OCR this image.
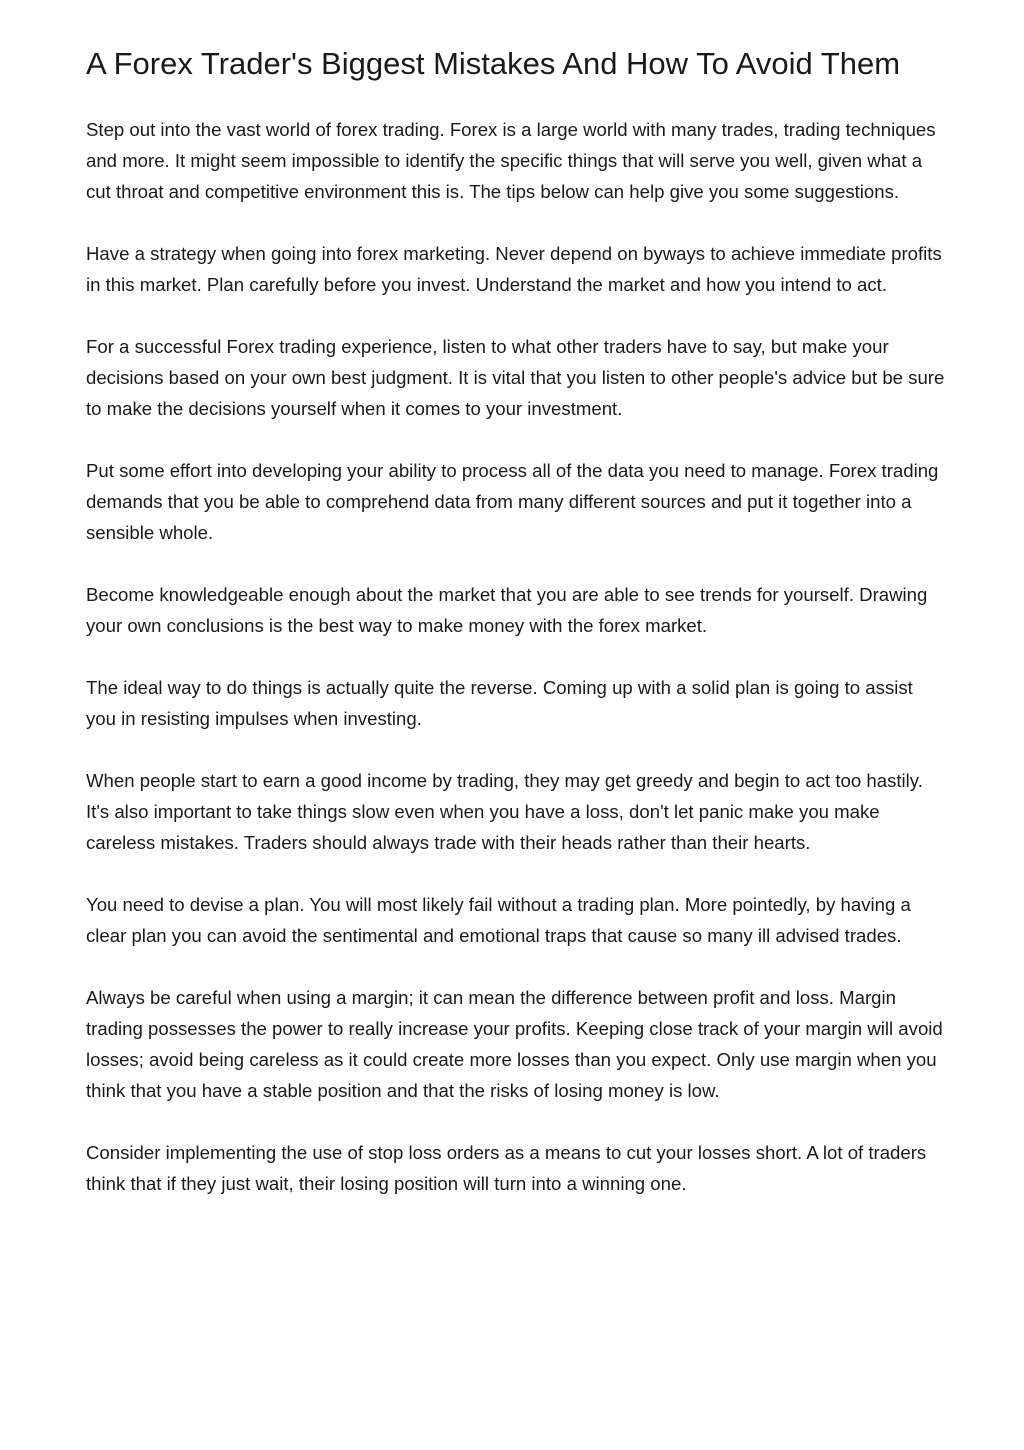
A Forex Trader's Biggest Mistakes And How To Avoid Them

Step out into the vast world of forex trading. Forex is a large world with many trades, trading techniques and more. It might seem impossible to identify the specific things that will serve you well, given what a cut throat and competitive environment this is. The tips below can help give you some suggestions.

Have a strategy when going into forex marketing. Never depend on byways to achieve immediate profits in this market. Plan carefully before you invest. Understand the market and how you intend to act.

For a successful Forex trading experience, listen to what other traders have to say, but make your decisions based on your own best judgment. It is vital that you listen to other people's advice but be sure to make the decisions yourself when it comes to your investment.

Put some effort into developing your ability to process all of the data you need to manage. Forex trading demands that you be able to comprehend data from many different sources and put it together into a sensible whole.

Become knowledgeable enough about the market that you are able to see trends for yourself. Drawing your own conclusions is the best way to make money with the forex market.

The ideal way to do things is actually quite the reverse. Coming up with a solid plan is going to assist you in resisting impulses when investing.

When people start to earn a good income by trading, they may get greedy and begin to act too hastily. It's also important to take things slow even when you have a loss, don't let panic make you make careless mistakes. Traders should always trade with their heads rather than their hearts.

You need to devise a plan. You will most likely fail without a trading plan. More pointedly, by having a clear plan you can avoid the sentimental and emotional traps that cause so many ill advised trades.

Always be careful when using a margin; it can mean the difference between profit and loss. Margin trading possesses the power to really increase your profits. Keeping close track of your margin will avoid losses; avoid being careless as it could create more losses than you expect. Only use margin when you think that you have a stable position and that the risks of losing money is low.

Consider implementing the use of stop loss orders as a means to cut your losses short. A lot of traders think that if they just wait, their losing position will turn into a winning one.
